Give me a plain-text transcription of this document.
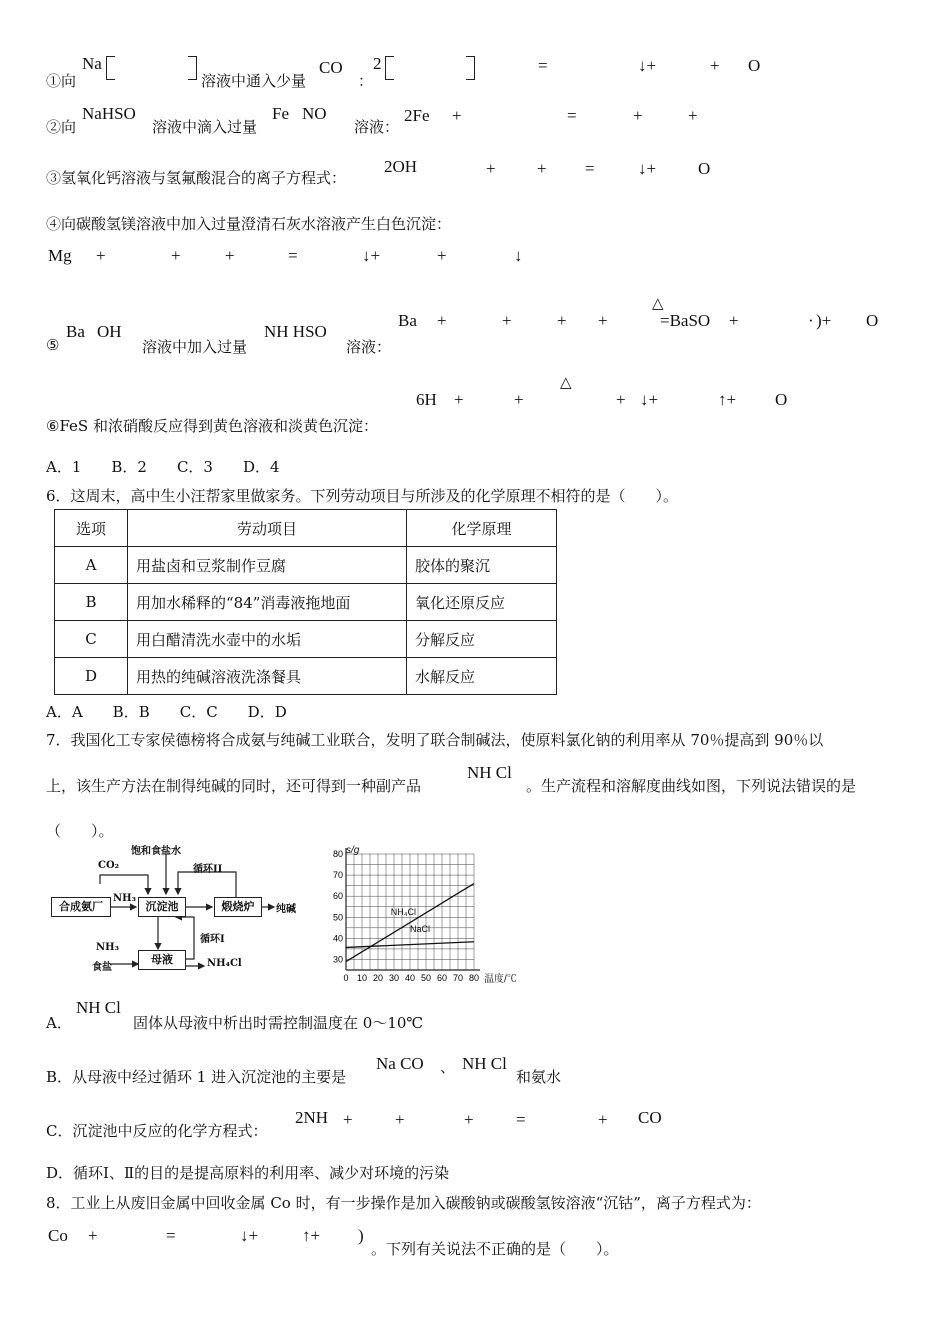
①向
Na
溶液中通入少量
CO
：
2	=	↓+	+ O
②向
NaHSO
溶液中滴入过量
Fe NO
溶液：
2Fe +	=	+	+
③氢氧化钙溶液与氢氟酸混合的离子方程式：
2OH	+ + =	↓+ O
④向碳酸氢镁溶液中加入过量澄清石灰水溶液产生白色沉淀：
Mg +	+	+	=	↓+	+	↓
⑤
Ba OH
溶液中加入过量
NH HSO
溶液：
Ba +	+	+ +
△
=BaSO +	· )+ O
6H +	+
△
+ ↓+	↑+ O
⑥FeS 和浓硝酸反应得到黄色溶液和淡黄色沉淀：
A．1　　B．2　　C．3　　D．4
6．这周末，高中生小汪帮家里做家务。下列劳动项目与所涉及的化学原理不相符的是（　　）。
选项	劳动项目	化学原理
A	用盐卤和豆浆制作豆腐	胶体的聚沉
B	用加水稀释的“84”消毒液拖地面	氧化还原反应
C	用白醋清洗水壶中的水垢	分解反应
D	用热的纯碱溶液洗涤餐具	水解反应
A．A　　B．B　　C．C　　D．D
7．我国化工专家侯德榜将合成氨与纯碱工业联合，发明了联合制碱法，使原料氯化钠的利用率从 70％提高到 90％以
上，该生产方法在制得纯碱的同时，还可得到一种副产品
NH Cl
。生产流程和溶解度曲线如图，下列说法错误的是
（　　）。
合成氨厂	沉淀池	煅烧炉
母液
CO₂
饱和食盐水
循环II
NH₃
纯碱
循环I
NH₃
食盐	NH₄Cl
0 10 20 30 40 50 60 70 80
30
40
50
60
70
80
NH₄Cl
NaCl
s/g
温度/℃
A．
NH Cl
固体从母液中析出时需控制温度在 0～10℃
B．从母液中经过循环 1 进入沉淀池的主要是
Na CO 、 NH Cl
和氨水
C．沉淀池中反应的化学方程式：
2NH + +	+ =	+ CO
D．循环Ⅰ、Ⅱ的目的是提高原料的利用率、减少对环境的污染
8．工业上从废旧金属中回收金属 Co 时，有一步操作是加入碳酸钠或碳酸氢铵溶液“沉钴”，离子方程式为：
Co +	=	↓+	↑+ )
。下列有关说法不正确的是（　　）。
